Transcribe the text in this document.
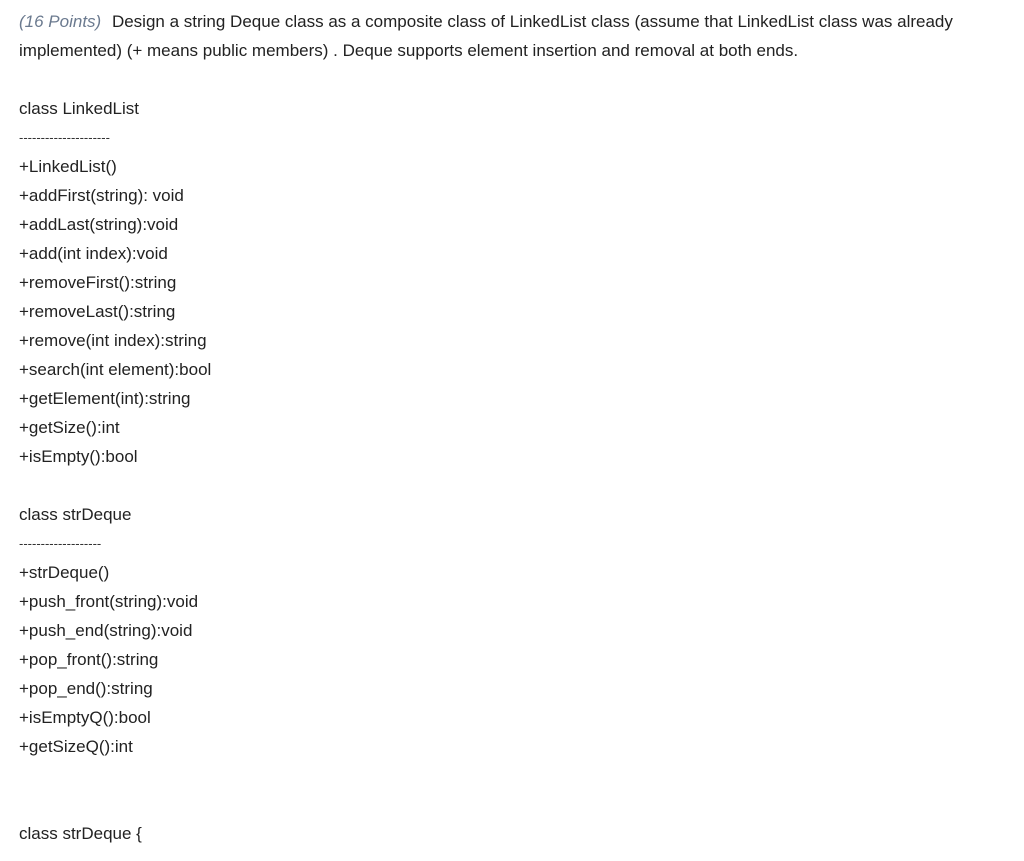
(16 Points) Design a string Deque class as a composite class of LinkedList class (assume that LinkedList class was already implemented) (+ means public members) . Deque supports element insertion and removal at both ends.

class LinkedList
---------------------
+LinkedList()
+addFirst(string): void
+addLast(string):void
+add(int index):void
+removeFirst():string
+removeLast():string
+remove(int index):string
+search(int element):bool
+getElement(int):string
+getSize():int
+isEmpty():bool
class strDeque
-------------------
+strDeque()
+push_front(string):void
+push_end(string):void
+pop_front():string
+pop_end():string
+isEmptyQ():bool
+getSizeQ():int
class strDeque {
